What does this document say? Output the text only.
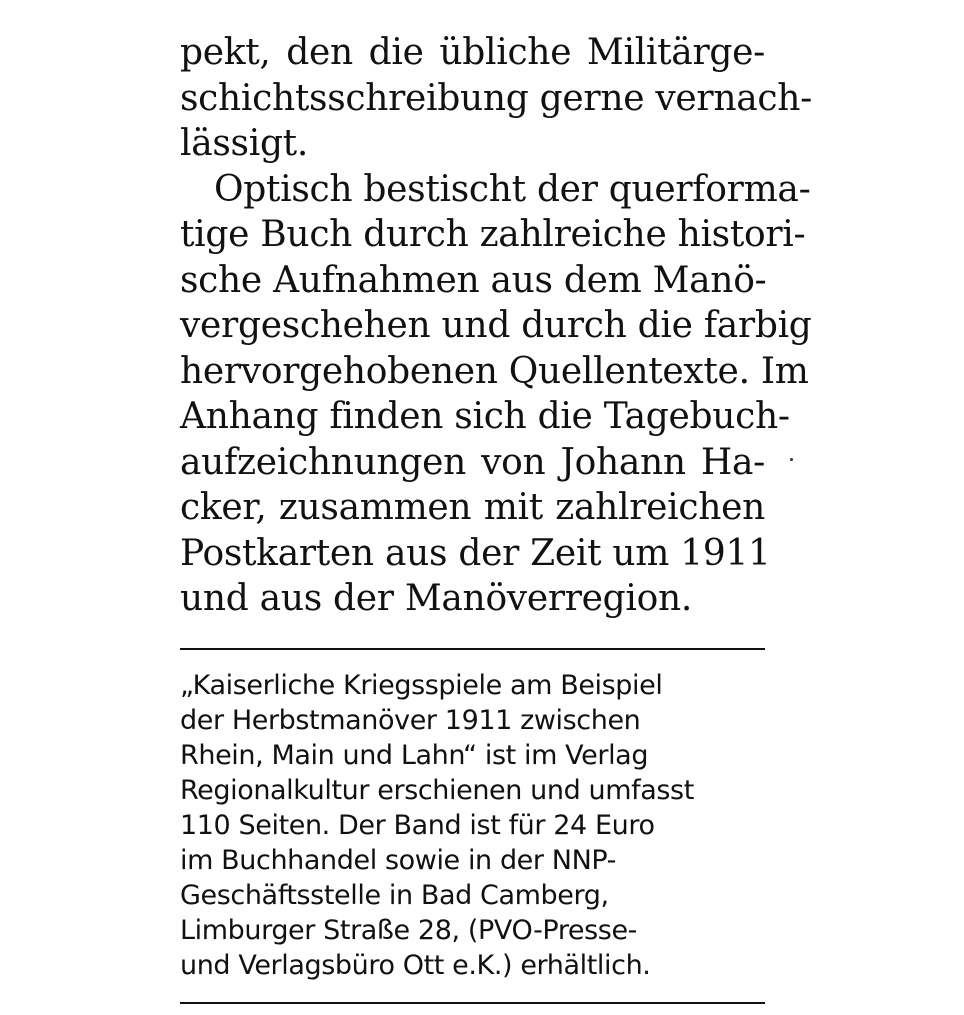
pekt, den die übliche Militärge-
schichtsschreibung gerne vernach-
lässigt.
Optisch bestischt der querforma-
tige Buch durch zahlreiche histori-
sche Aufnahmen aus dem Manö-
vergeschehen und durch die farbig
hervorgehobenen Quellentexte. Im
Anhang finden sich die Tagebuch-
aufzeichnungen von Johann Ha-
cker, zusammen mit zahlreichen
Postkarten aus der Zeit um 1911
und aus der Manöverregion.
„Kaiserliche Kriegsspiele am Beispiel
der Herbstmanöver 1911 zwischen
Rhein, Main und Lahn“ ist im Verlag
Regionalkultur erschienen und umfasst
110 Seiten. Der Band ist für 24 Euro
im Buchhandel sowie in der NNP-
Geschäftsstelle in Bad Camberg,
Limburger Straße 28, (PVO-Presse-
und Verlagsbüro Ott e.K.) erhältlich.
